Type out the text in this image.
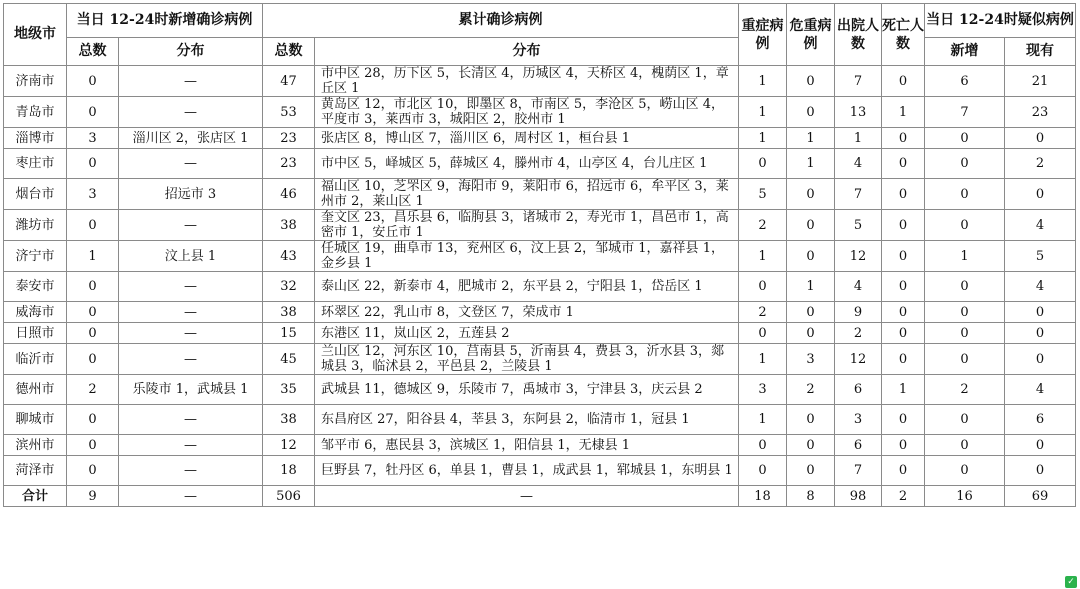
地级市	当日 12-24时新增确诊病例		累计确诊病例		重症病例	危重病例	出院人数	死亡人数	当日 12-24时疑似病例	
	总数	分布	总数	分布					新增	现有
济南市	0	—	47	市中区 28，历下区 5，长清区 4，历城区 4，天桥区 4，槐荫区 1，章丘区 1	1	0	7	0	6	21
青岛市	0	—	53	黄岛区 12，市北区 10，即墨区 8，市南区 5，李沧区 5，崂山区 4，平度市 3，莱西市 3，城阳区 2，胶州市 1	1	0	13	1	7	23
淄博市	3	淄川区 2，张店区 1	23	张店区 8，博山区 7，淄川区 6，周村区 1，桓台县 1	1	1	1	0	0	0
枣庄市	0	—	23	市中区 5，峄城区 5，薛城区 4，滕州市 4，山亭区 4，台儿庄区 1	0	1	4	0	0	2
烟台市	3	招远市 3	46	福山区 10，芝罘区 9，海阳市 9，莱阳市 6，招远市 6，牟平区 3，莱州市 2，莱山区 1	5	0	7	0	0	0
潍坊市	0	—	38	奎文区 23，昌乐县 6，临朐县 3，诸城市 2，寿光市 1，昌邑市 1，高密市 1，安丘市 1	2	0	5	0	0	4
济宁市	1	汶上县 1	43	任城区 19，曲阜市 13，兖州区 6，汶上县 2，邹城市 1，嘉祥县 1，金乡县 1	1	0	12	0	1	5
泰安市	0	—	32	泰山区 22，新泰市 4，肥城市 2，东平县 2，宁阳县 1，岱岳区 1	0	1	4	0	0	4
威海市	0	—	38	环翠区 22，乳山市 8，文登区 7，荣成市 1	2	0	9	0	0	0
日照市	0	—	15	东港区 11，岚山区 2，五莲县 2	0	0	2	0	0	0
临沂市	0	—	45	兰山区 12，河东区 10，莒南县 5，沂南县 4，费县 3，沂水县 3，郯城县 3，临沭县 2，平邑县 2，兰陵县 1	1	3	12	0	0	0
德州市	2	乐陵市 1，武城县 1	35	武城县 11，德城区 9，乐陵市 7，禹城市 3，宁津县 3，庆云县 2	3	2	6	1	2	4
聊城市	0	—	38	东昌府区 27，阳谷县 4，莘县 3，东阿县 2，临清市 1，冠县 1	1	0	3	0	0	6
滨州市	0	—	12	邹平市 6，惠民县 3，滨城区 1，阳信县 1，无棣县 1	0	0	6	0	0	0
菏泽市	0	—	18	巨野县 7，牡丹区 6，单县 1，曹县 1，成武县 1，郓城县 1，东明县 1	0	0	7	0	0	0
合计	9	—	506	—	18	8	98	2	16	69
✓
